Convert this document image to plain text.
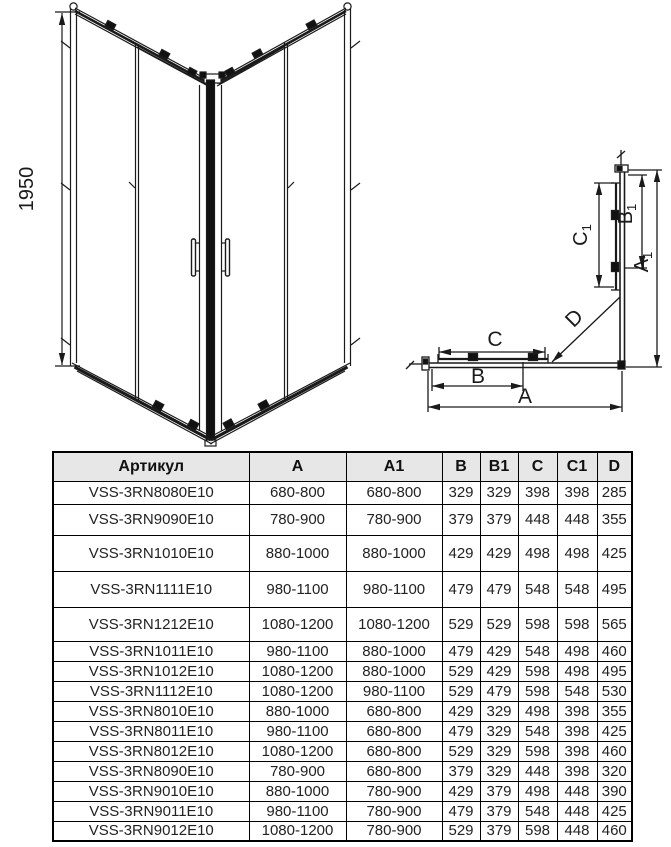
1950
C
B
A
D
$C_1$
$B_1$
$A_1$
Артикул	A	A1	B	B1	C	C1	D
VSS-3RN8080E10	680-800	680-800	329	329	398	398	285
VSS-3RN9090E10	780-900	780-900	379	379	448	448	355
VSS-3RN1010E10	880-1000	880-1000	429	429	498	498	425
VSS-3RN1111E10	980-1100	980-1100	479	479	548	548	495
VSS-3RN1212E10	1080-1200	1080-1200	529	529	598	598	565
VSS-3RN1011E10	980-1100	880-1000	479	429	548	498	460
VSS-3RN1012E10	1080-1200	880-1000	529	429	598	498	495
VSS-3RN1112E10	1080-1200	980-1100	529	479	598	548	530
VSS-3RN8010E10	880-1000	680-800	429	329	498	398	355
VSS-3RN8011E10	980-1100	680-800	479	329	548	398	425
VSS-3RN8012E10	1080-1200	680-800	529	329	598	398	460
VSS-3RN8090E10	780-900	680-800	379	329	448	398	320
VSS-3RN9010E10	880-1000	780-900	429	379	498	448	390
VSS-3RN9011E10	980-1100	780-900	479	379	548	448	425
VSS-3RN9012E10	1080-1200	780-900	529	379	598	448	460
